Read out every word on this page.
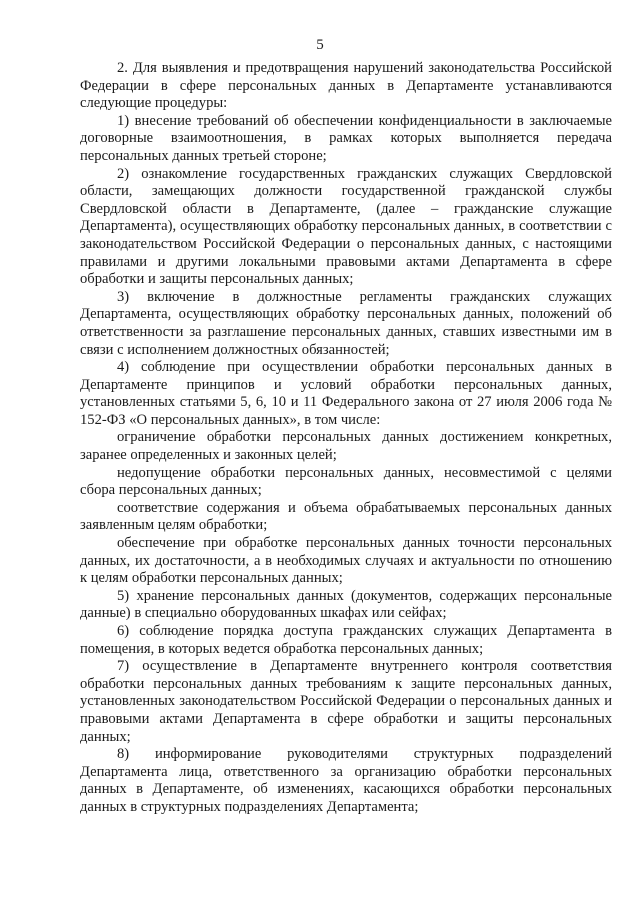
5

2. Для выявления и предотвращения нарушений законодательства Российской Федерации в сфере персональных данных в Департаменте устанавливаются следующие процедуры:

1) внесение требований об обеспечении конфиденциальности в заключаемые договорные взаимоотношения, в рамках которых выполняется передача персональных данных третьей стороне;

2) ознакомление государственных гражданских служащих Свердловской области, замещающих должности государственной гражданской службы Свердловской области в Департаменте, (далее – гражданские служащие Департамента), осуществляющих обработку персональных данных, в соответствии с законодательством Российской Федерации о персональных данных, с настоящими правилами и другими локальными правовыми актами Департамента в сфере обработки и защиты персональных данных;

3) включение в должностные регламенты гражданских служащих Департамента, осуществляющих обработку персональных данных, положений об ответственности за разглашение персональных данных, ставших известными им в связи с исполнением должностных обязанностей;

4) соблюдение при осуществлении обработки персональных данных в Департаменте принципов и условий обработки персональных данных, установленных статьями 5, 6, 10 и 11 Федерального закона от 27 июля 2006 года № 152-ФЗ «О персональных данных», в том числе:

ограничение обработки персональных данных достижением конкретных, заранее определенных и законных целей;

недопущение обработки персональных данных, несовместимой с целями сбора персональных данных;

соответствие содержания и объема обрабатываемых персональных данных заявленным целям обработки;

обеспечение при обработке персональных данных точности персональных данных, их достаточности, а в необходимых случаях и актуальности по отношению к целям обработки персональных данных;

5) хранение персональных данных (документов, содержащих персональные данные) в специально оборудованных шкафах или сейфах;

6) соблюдение порядка доступа гражданских служащих Департамента в помещения, в которых ведется обработка персональных данных;

7) осуществление в Департаменте внутреннего контроля соответствия обработки персональных данных требованиям к защите персональных данных, установленных законодательством Российской Федерации о персональных данных и правовыми актами Департамента в сфере обработки и защиты персональных данных;

8) информирование руководителями структурных подразделений Департамента лица, ответственного за организацию обработки персональных данных в Департаменте, об изменениях, касающихся обработки персональных данных в структурных подразделениях Департамента;
